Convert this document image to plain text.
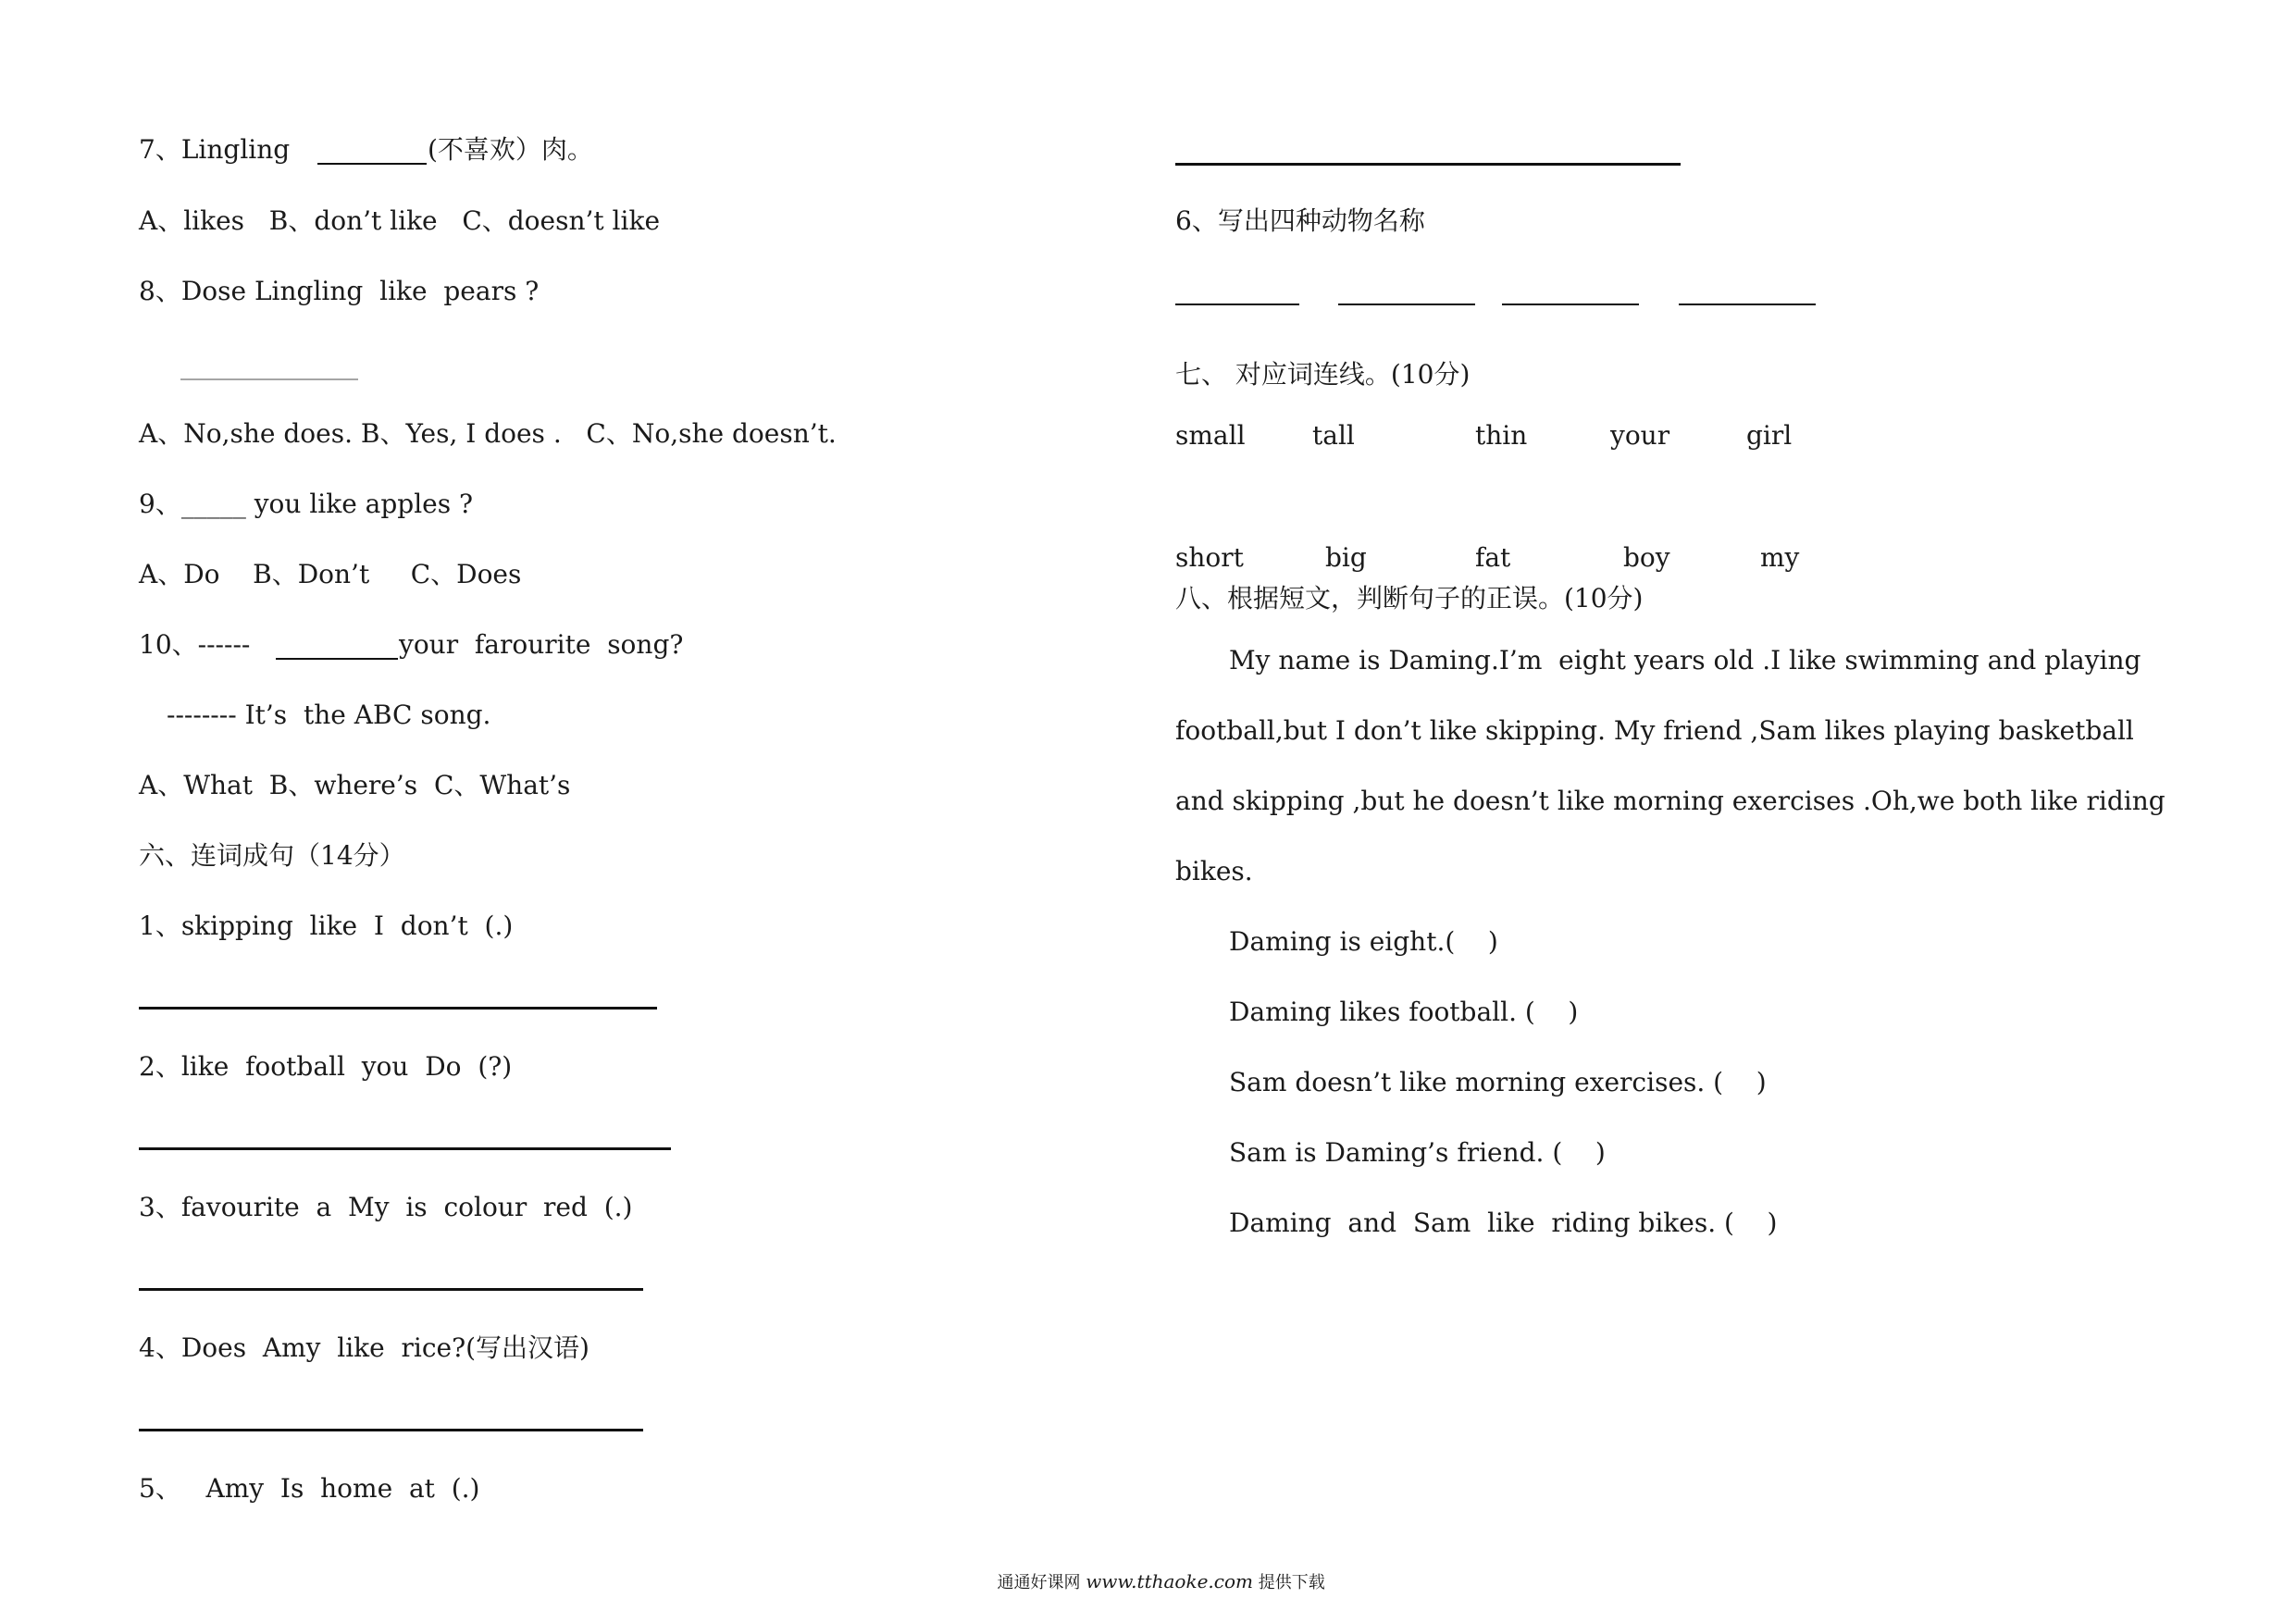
7、Lingling	(不喜欢）肉。
A、likes   B、don’t like   C、doesn’t like
8、Dose Lingling  like  pears ?
________________
A、No,she does. B、Yes, I does .   C、No,she doesn’t.
9、_____ you like apples ?
A、Do    B、Don’t     C、Does
10、------	your  farourite  song?
-------- It’s  the ABC song.
A、What  B、where’s  C、What’s
六、连词成句（14分）
1、skipping  like  I  don’t  (.)
2、like  football  you  Do  (?)
3、favourite  a  My  is  colour  red  (.)
4、Does  Amy  like  rice?(写出汉语)
5、   Amy  Is  home  at  (.)
6、写出四种动物名称
七、 对应词连线。(10分)
small	tall	thin	your	girl
short	big	fat	boy	my
八、根据短文，判断句子的正误。(10分)
My name is Daming.I’m  eight years old .I like swimming and playing
football,but I don’t like skipping. My friend ,Sam likes playing basketball
and skipping ,but he doesn’t like morning exercises .Oh,we both like riding
bikes.
Daming is eight.(    )
Daming likes football. (    )
Sam doesn’t like morning exercises. (    )
Sam is Daming’s friend. (    )
Daming  and  Sam  like  riding bikes. (    )

通通好课网 www.tthaoke.com 提供下载
